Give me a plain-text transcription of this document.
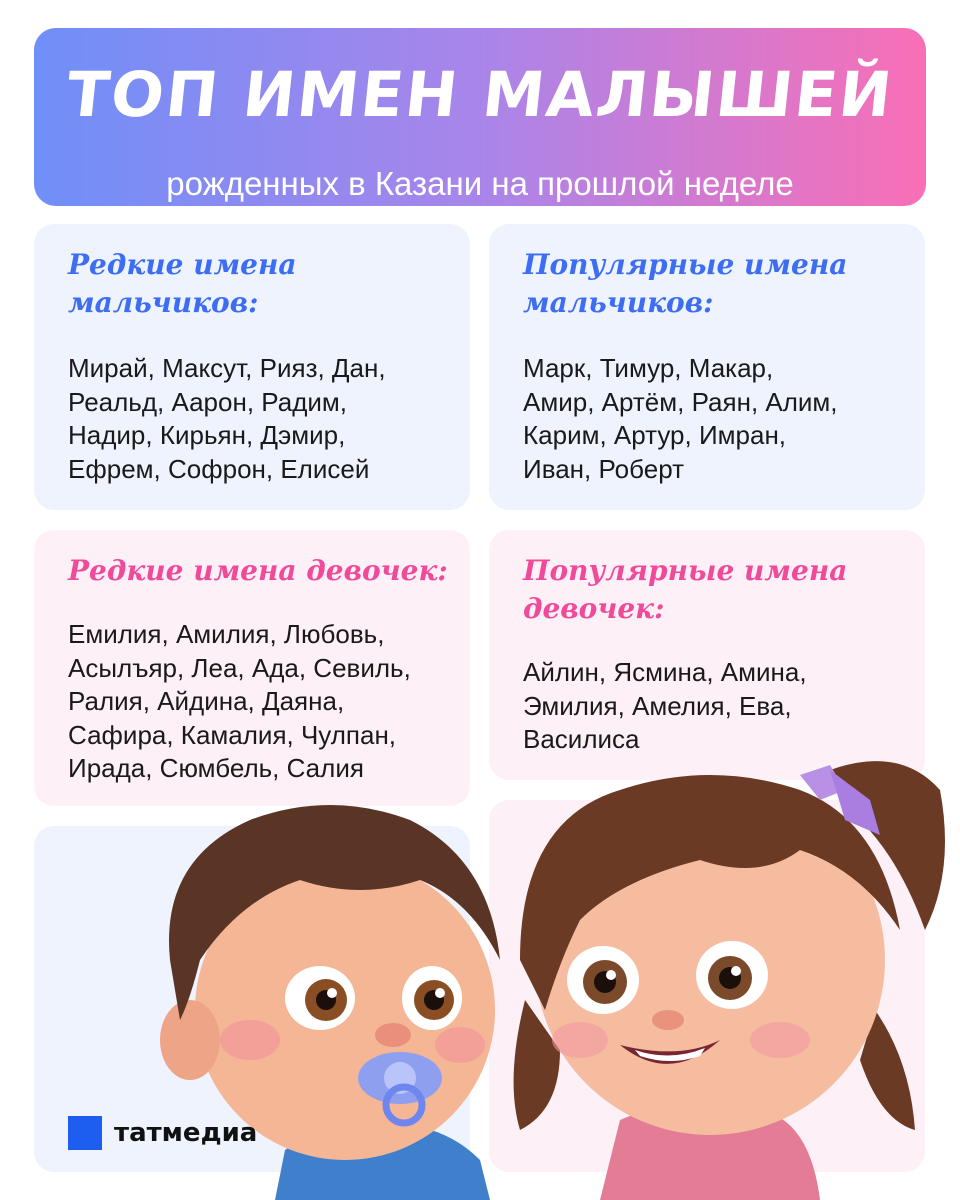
ТОП ИМЕН МАЛЫШЕЙ
рожденных в Казани на прошлой неделе
Редкие имена мальчиков:
Мирай, Максут, Рияз, Дан,
Реальд, Аарон, Радим,
Надир, Кирьян, Дэмир,
Ефрем, Софрон, Елисей
Популярные имена мальчиков:
Марк, Тимур, Макар,
Амир, Артём, Раян, Алим,
Карим, Артур, Имран,
Иван, Роберт
Редкие имена девочек:
Емилия, Амилия, Любовь,
Асылъяр, Леа, Ада, Севиль,
Ралия, Айдина, Даяна,
Сафира, Камалия, Чулпан,
Ирада, Сюмбель, Салия
Популярные имена девочек:
Айлин, Ясмина, Амина,
Эмилия, Амелия, Ева,
Василиса
татмедиа
